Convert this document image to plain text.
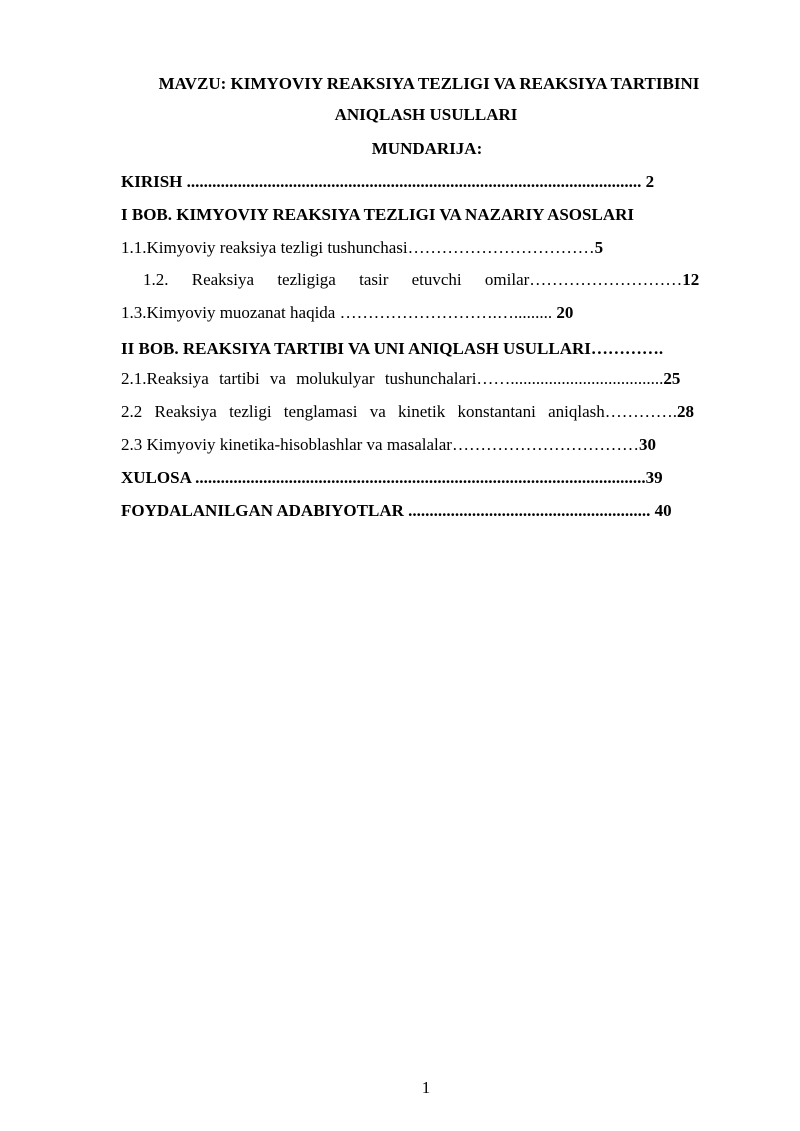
MAVZU: KIMYOVIY REAKSIYA TEZLIGI VA REAKSIYA TARTIBINI
ANIQLASH USULLARI
MUNDARIJA:
KIRISH ........................................................................................................... 2
I BOB. KIMYOVIY REAKSIYA TEZLIGI VA NAZARIY ASOSLARI
1.1.Kimyoviy reaksiya tezligi tushunchasi……………………………5
1.2. Reaksiya tezligiga tasir etuvchi omilar………………………12
1.3.Kimyoviy muozanat haqida ……………………….…......... 20
II BOB. REAKSIYA TARTIBI VA UNI ANIQLASH USULLARI………….
2.1.Reaksiya tartibi va molukulyar tushunchalari……....................................25
2.2 Reaksiya tezligi tenglamasi va kinetik konstantani aniqlash………….28
2.3 Kimyoviy kinetika-hisoblashlar va masalalar……………………………30
XULOSA ..........................................................................................................39
FOYDALANILGAN ADABIYOTLAR ......................................................... 40
1
